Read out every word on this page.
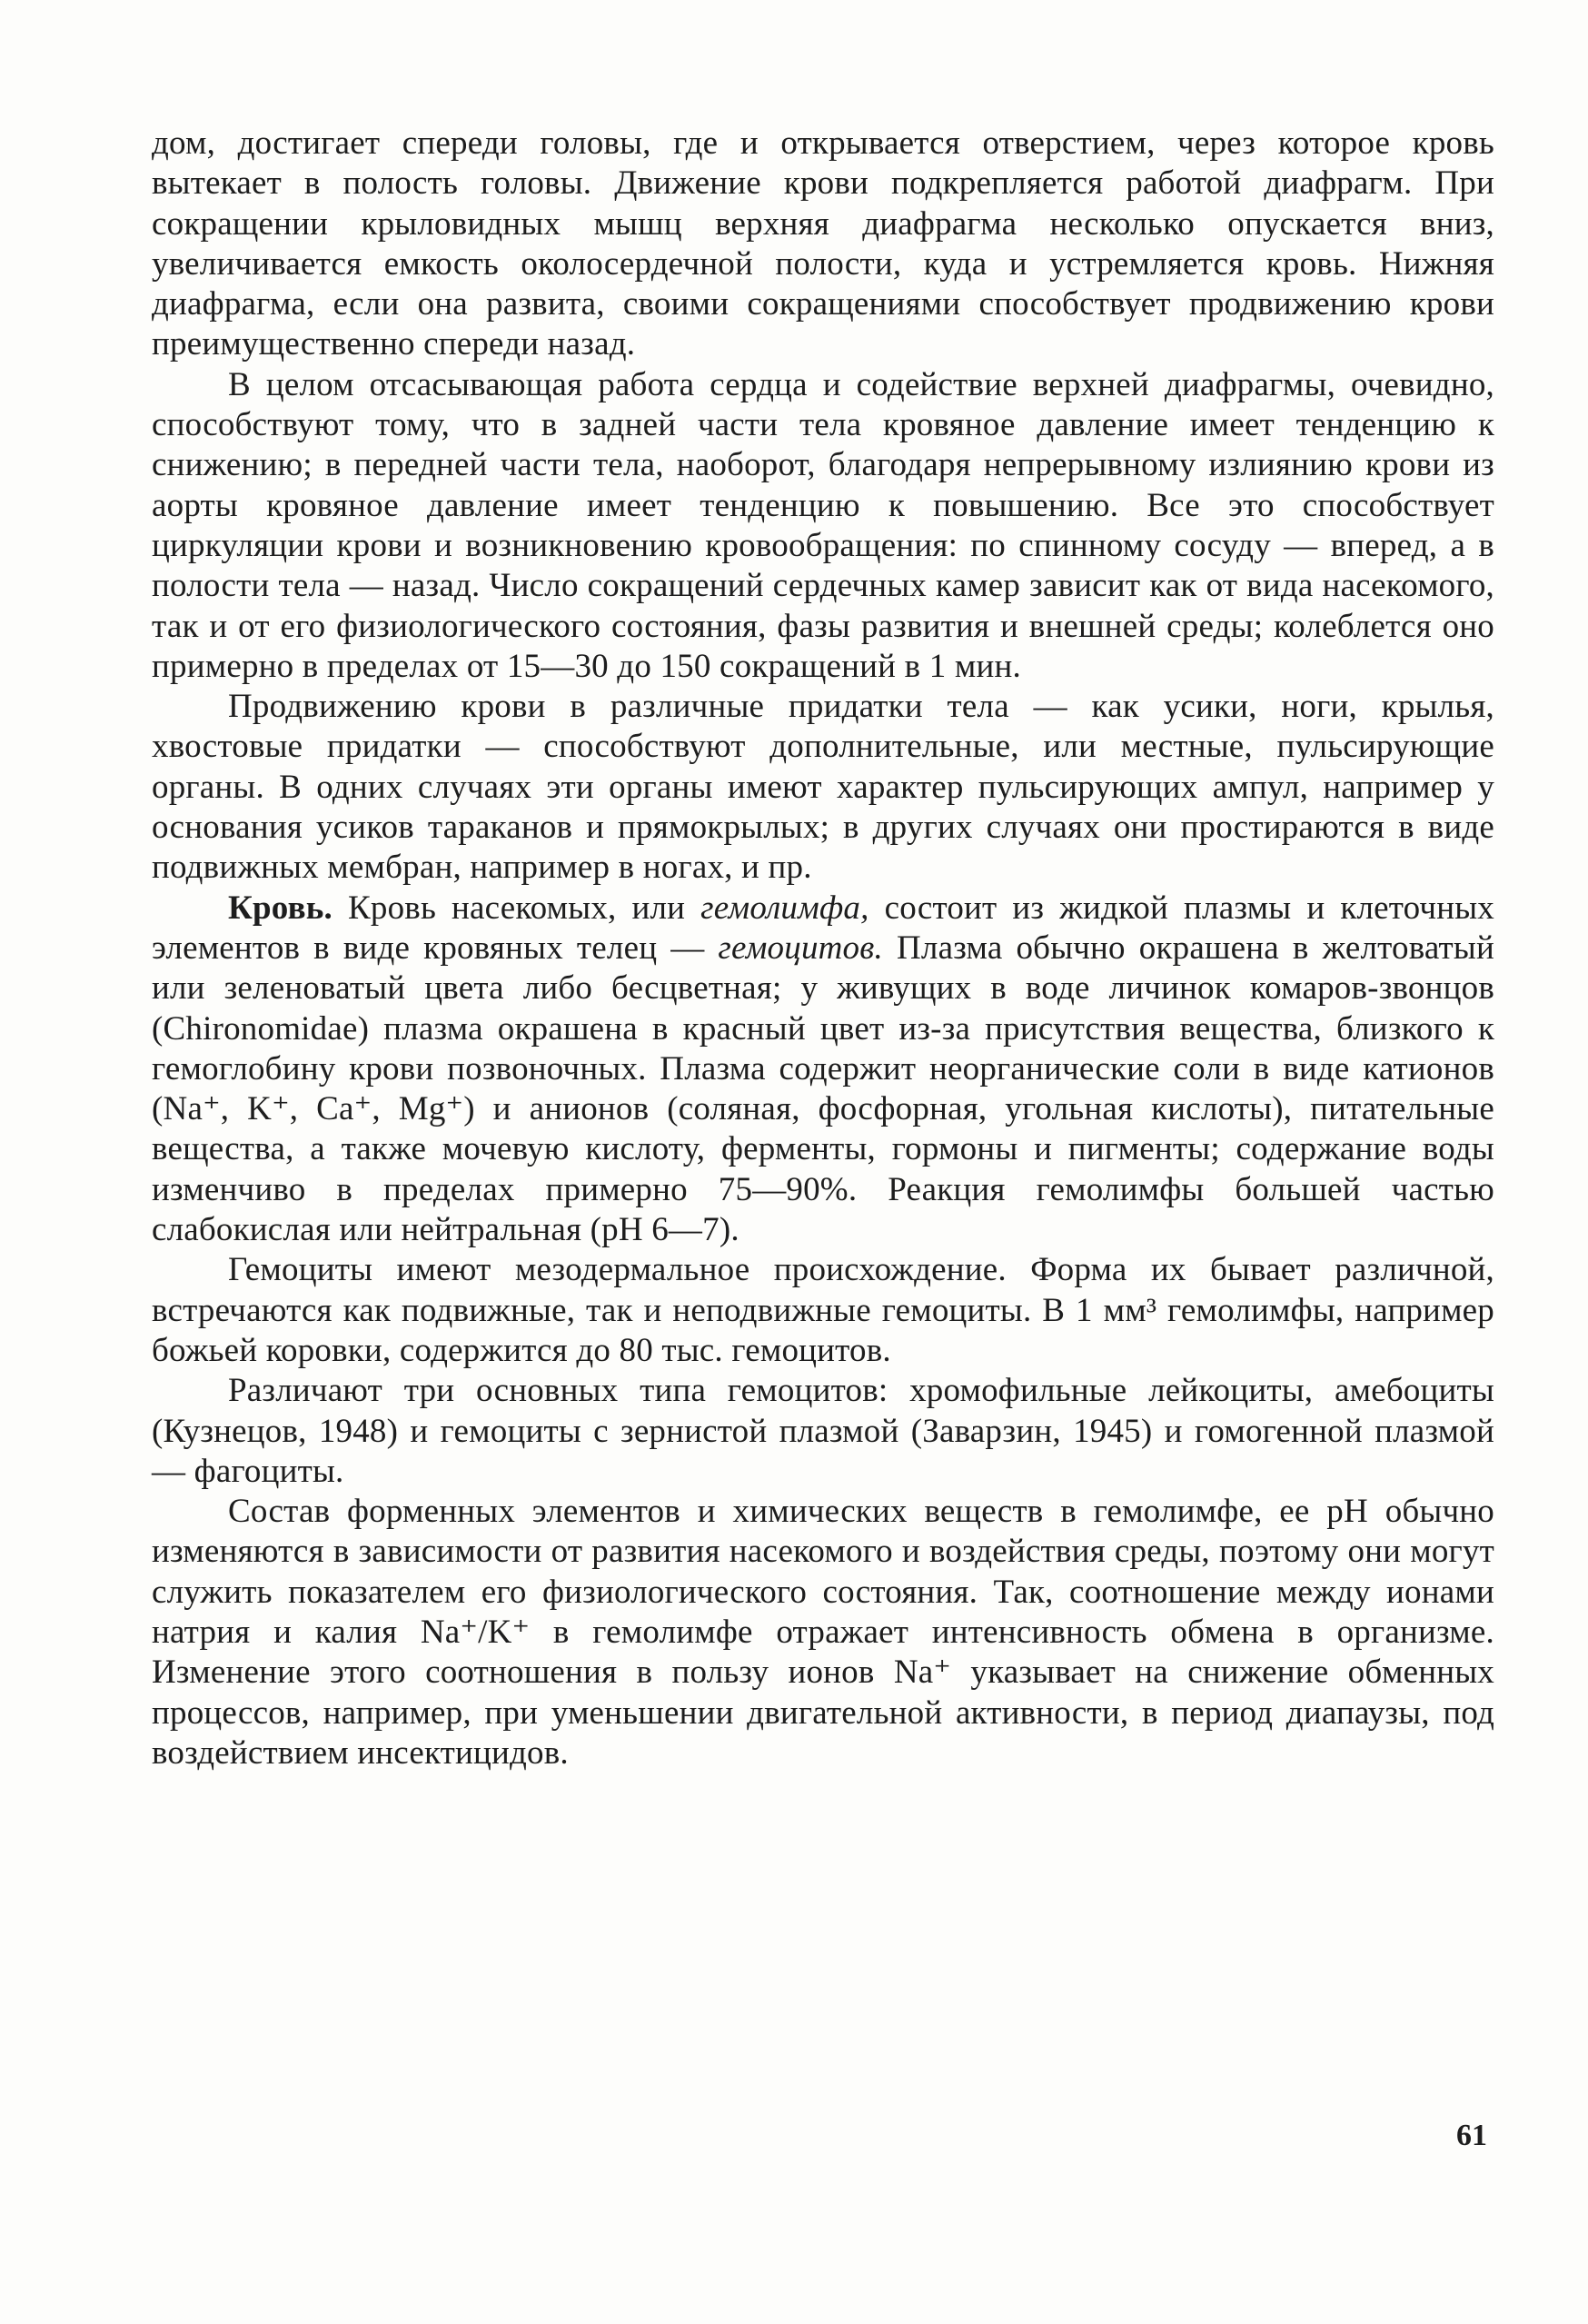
дом, достигает спереди головы, где и открывается отверстием, через которое кровь вытекает в полость головы. Движение крови подкрепляется работой диафрагм. При сокращении крыловидных мышц верхняя диафрагма несколько опускается вниз, увеличивается емкость околосердечной полости, куда и устремляется кровь. Нижняя диафрагма, если она развита, своими сокращениями способствует продвижению крови преимущественно спереди назад.

В целом отсасывающая работа сердца и содействие верхней диафрагмы, очевидно, способствуют тому, что в задней части тела кровяное давление имеет тенденцию к снижению; в передней части тела, наоборот, благодаря непрерывному излиянию крови из аорты кровяное давление имеет тенденцию к повышению. Все это способствует циркуляции крови и возникновению кровообращения: по спинному сосуду — вперед, а в полости тела — назад. Число сокращений сердечных камер зависит как от вида насекомого, так и от его физиологического состояния, фазы развития и внешней среды; колеблется оно примерно в пределах от 15—30 до 150 сокращений в 1 мин.

Продвижению крови в различные придатки тела — как усики, ноги, крылья, хвостовые придатки — способствуют дополнительные, или местные, пульсирующие органы. В одних случаях эти органы имеют характер пульсирующих ампул, например у основания усиков тараканов и прямокрылых; в других случаях они простираются в виде подвижных мембран, например в ногах, и пр.

Кровь. Кровь насекомых, или гемолимфа, состоит из жидкой плазмы и клеточных элементов в виде кровяных телец — гемоцитов. Плазма обычно окрашена в желтоватый или зеленоватый цвета либо бесцветная; у живущих в воде личинок комаров-звонцов (Chironomidae) плазма окрашена в красный цвет из-за присутствия вещества, близкого к гемоглобину крови позвоночных. Плазма содержит неорганические соли в виде катионов (Na⁺, K⁺, Ca⁺, Mg⁺) и анионов (соляная, фосфорная, угольная кислоты), питательные вещества, а также мочевую кислоту, ферменты, гормоны и пигменты; содержание воды изменчиво в пределах примерно 75—90%. Реакция гемолимфы большей частью слабокислая или нейтральная (pH 6—7).

Гемоциты имеют мезодермальное происхождение. Форма их бывает различной, встречаются как подвижные, так и неподвижные гемоциты. В 1 мм³ гемолимфы, например божьей коровки, содержится до 80 тыс. гемоцитов.

Различают три основных типа гемоцитов: хромофильные лейкоциты, амебоциты (Кузнецов, 1948) и гемоциты с зернистой плазмой (Заварзин, 1945) и гомогенной плазмой — фагоциты.

Состав форменных элементов и химических веществ в гемолимфе, ее pH обычно изменяются в зависимости от развития насекомого и воздействия среды, поэтому они могут служить показателем его физиологического состояния. Так, соотношение между ионами натрия и калия Na⁺/K⁺ в гемолимфе отражает интенсивность обмена в организме. Изменение этого соотношения в пользу ионов Na⁺ указывает на снижение обменных процессов, например, при уменьшении двигательной активности, в период диапаузы, под воздействием инсектицидов.

61
